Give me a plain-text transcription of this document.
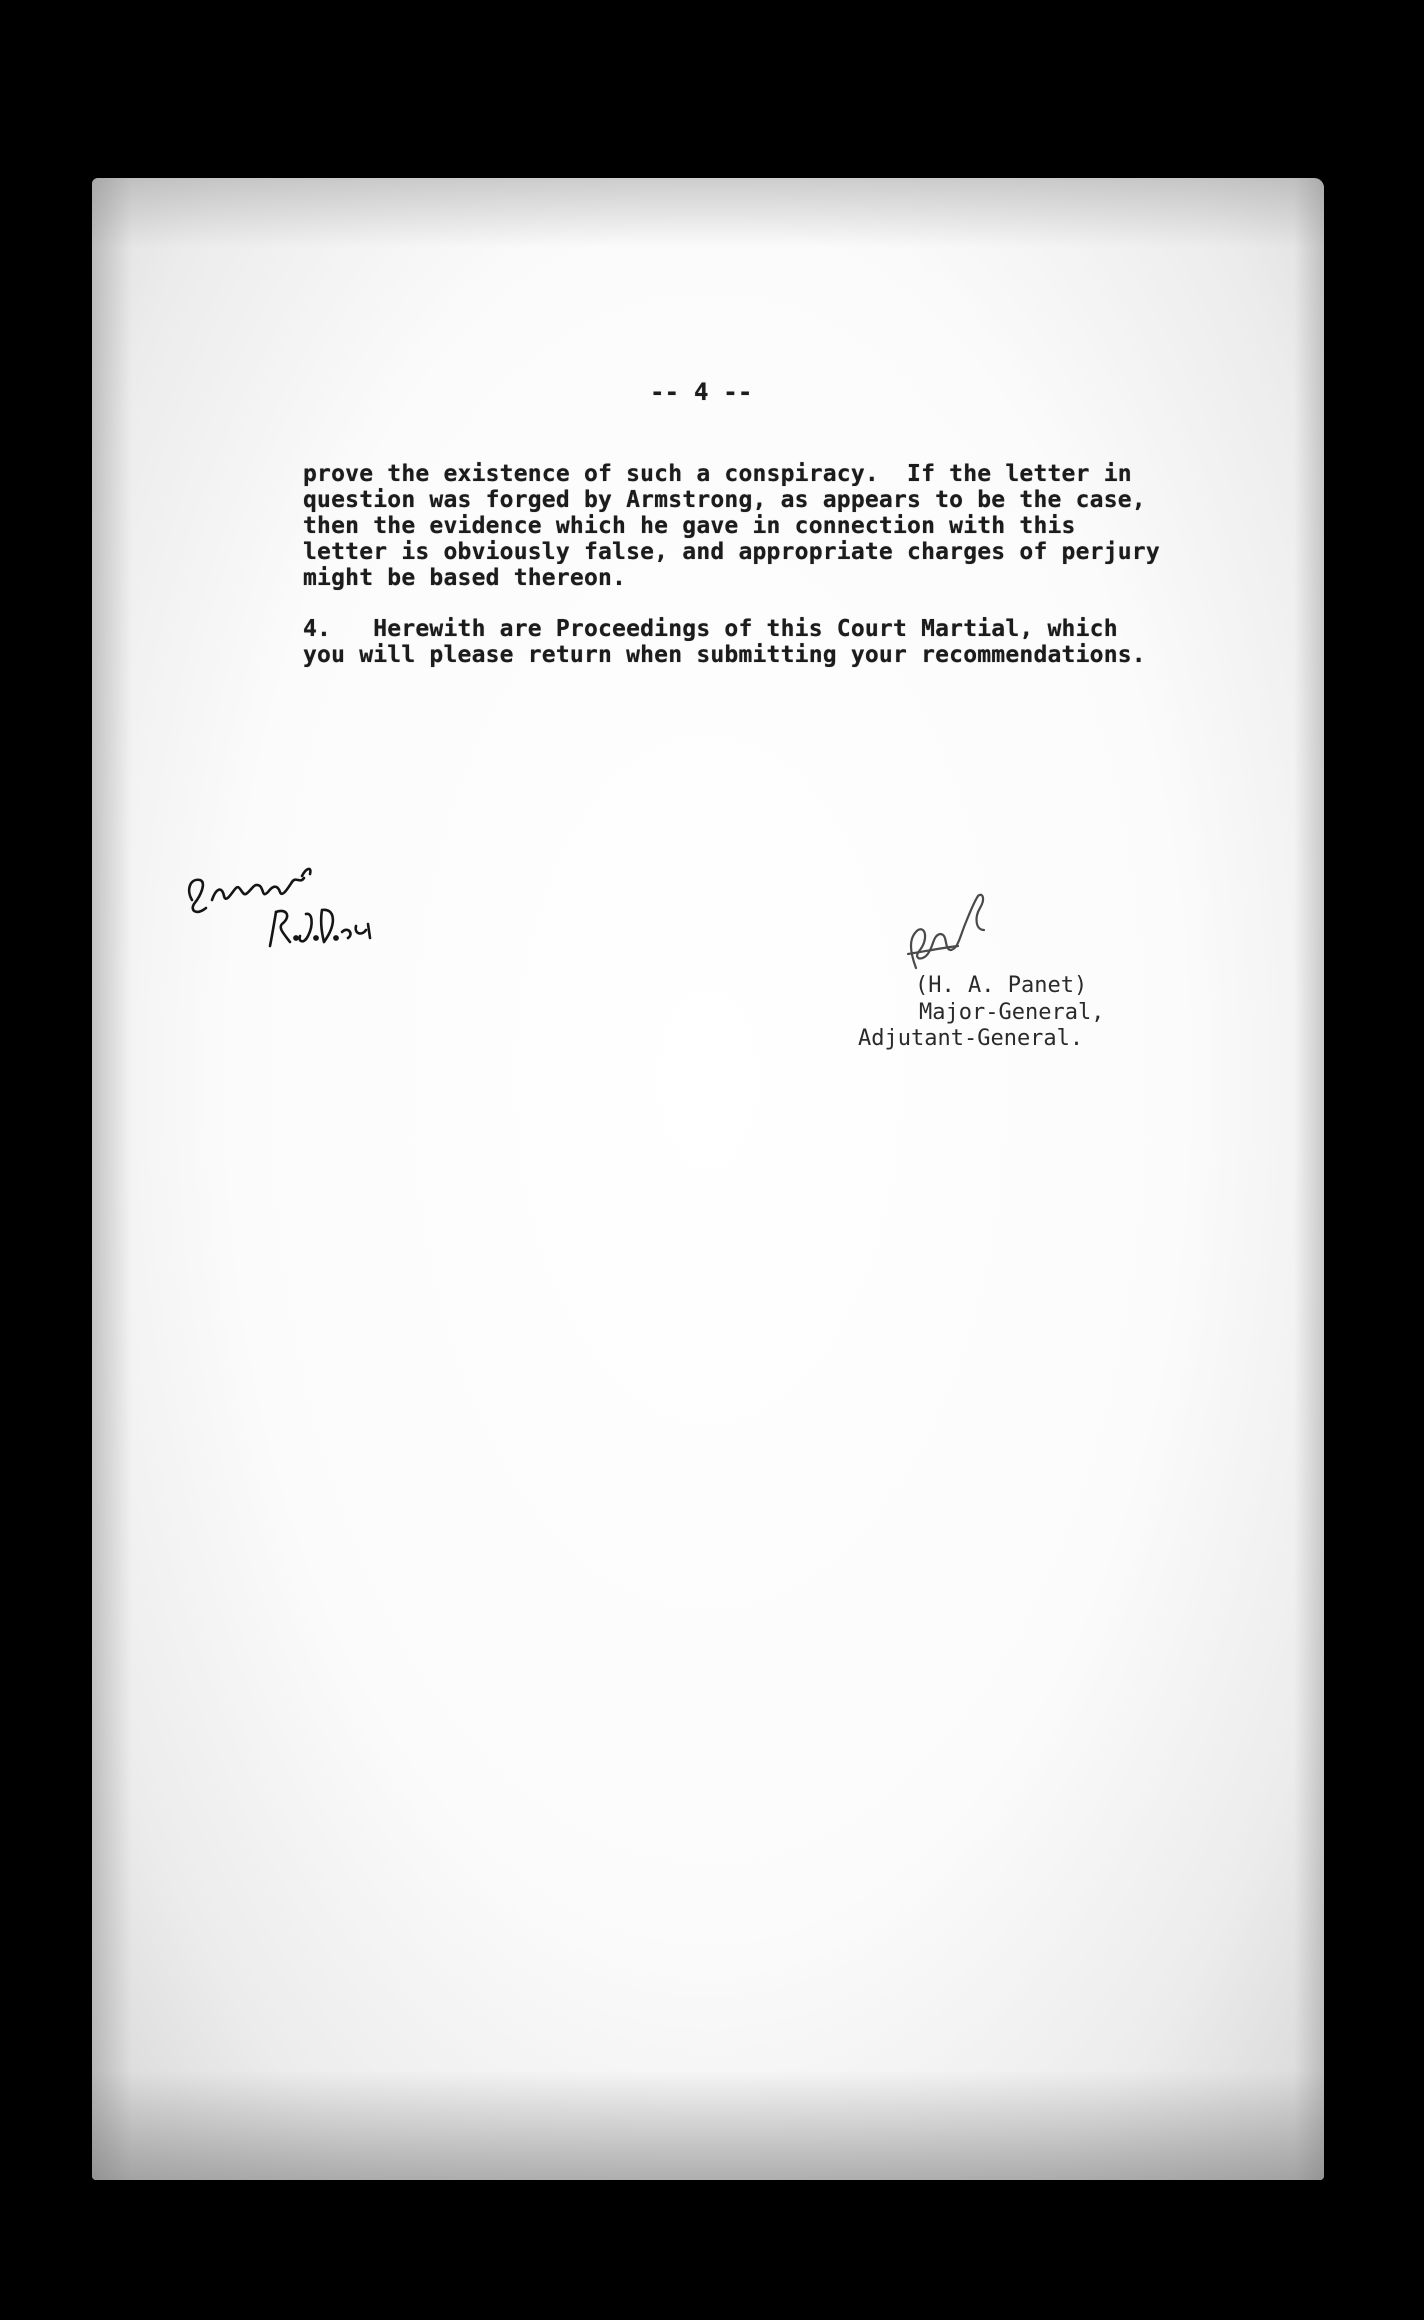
-- 4 --
prove the existence of such a conspiracy.  If the letter in
question was forged by Armstrong, as appears to be the case,
then the evidence which he gave in connection with this
letter is obviously false, and appropriate charges of perjury
might be based thereon.
4.   Herewith are Proceedings of this Court Martial, which
you will please return when submitting your recommendations.
(H. A. Panet)
Major-General,
Adjutant-General.
